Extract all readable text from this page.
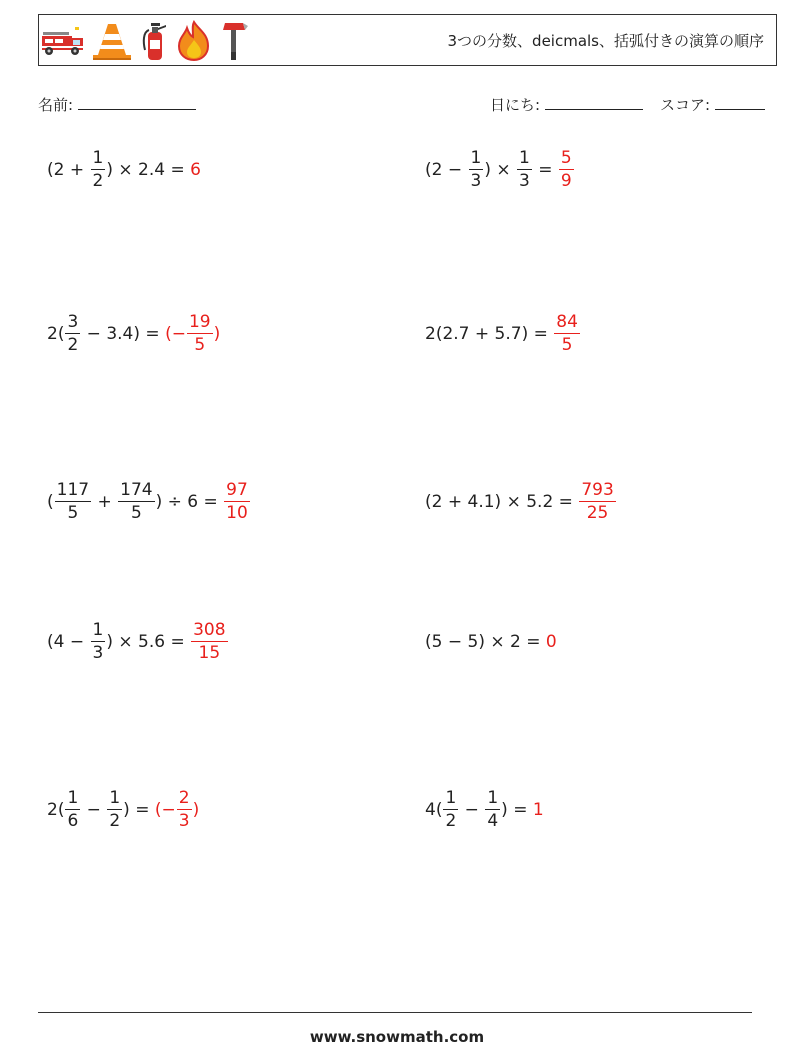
3つの分数、deicmals、括弧付きの演算の順序
名前:	日にち:	スコア:
($2 + \frac{1}{2}$ ) × 2.4 = 6	($2 - \frac{1}{3}$ ) × $\frac{1}{3} = \frac{5}{9}$
$2( \frac{3}{2} - 3.4)$ = (− $\frac{19}{5}$ )	$2(2.7 + 5.7) = \frac{84}{5}$
( $\frac{117}{5} + \frac{174}{5}$ ) ÷ $6 = \frac{97}{10}$	$(2 + 4.1) \times 5.2 = \frac{793}{25}$
($4 - \frac{1}{3}$ ) × $5.6 = \frac{308}{15}$	(5 − 5) × 2 = 0
$2( \frac{1}{6} - \frac{1}{2}$ ) = (− $\frac{2}{3}$ )	$4( \frac{1}{2} - \frac{1}{4}$ ) = 1
www.snowmath.com
